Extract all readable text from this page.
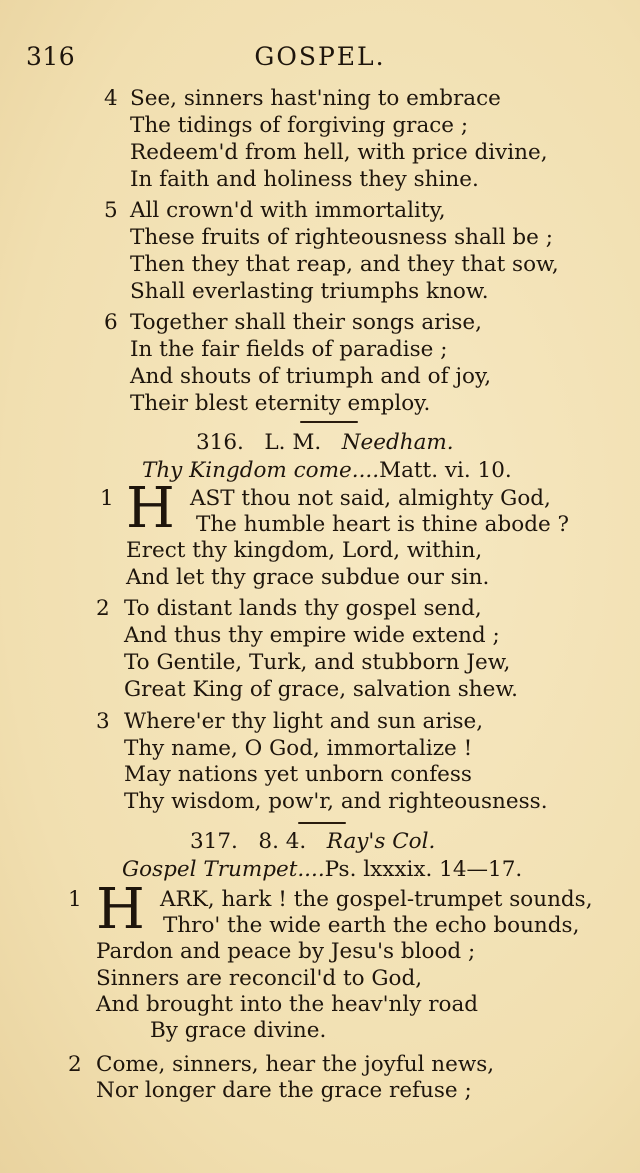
316	GOSPEL.
4 See, sinners hast'ning to embrace
The tidings of forgiving grace ;
Redeem'd from hell, with price divine,
In faith and holiness they shine.
5 All crown'd with immortality,
These fruits of righteousness shall be ;
Then they that reap, and they that sow,
Shall everlasting triumphs know.
6 Together shall their songs arise,
In the fair fields of paradise ;
And shouts of triumph and of joy,
Their blest eternity employ.
316. L. M. Needham.
Thy Kingdom come....Matt. vi. 10.
1 H AST thou not said, almighty God,
The humble heart is thine abode ?
Erect thy kingdom, Lord, within,
And let thy grace subdue our sin.
2 To distant lands thy gospel send,
And thus thy empire wide extend ;
To Gentile, Turk, and stubborn Jew,
Great King of grace, salvation shew.
3 Where'er thy light and sun arise,
Thy name, O God, immortalize !
May nations yet unborn confess
Thy wisdom, pow'r, and righteousness.
317. 8. 4. Ray's Col.
Gospel Trumpet....Ps. lxxxix. 14—17.
1 H ARK, hark ! the gospel-trumpet sounds,
Thro' the wide earth the echo bounds,
Pardon and peace by Jesu's blood ;
Sinners are reconcil'd to God,
And brought into the heav'nly road
By grace divine.
2 Come, sinners, hear the joyful news,
Nor longer dare the grace refuse ;
